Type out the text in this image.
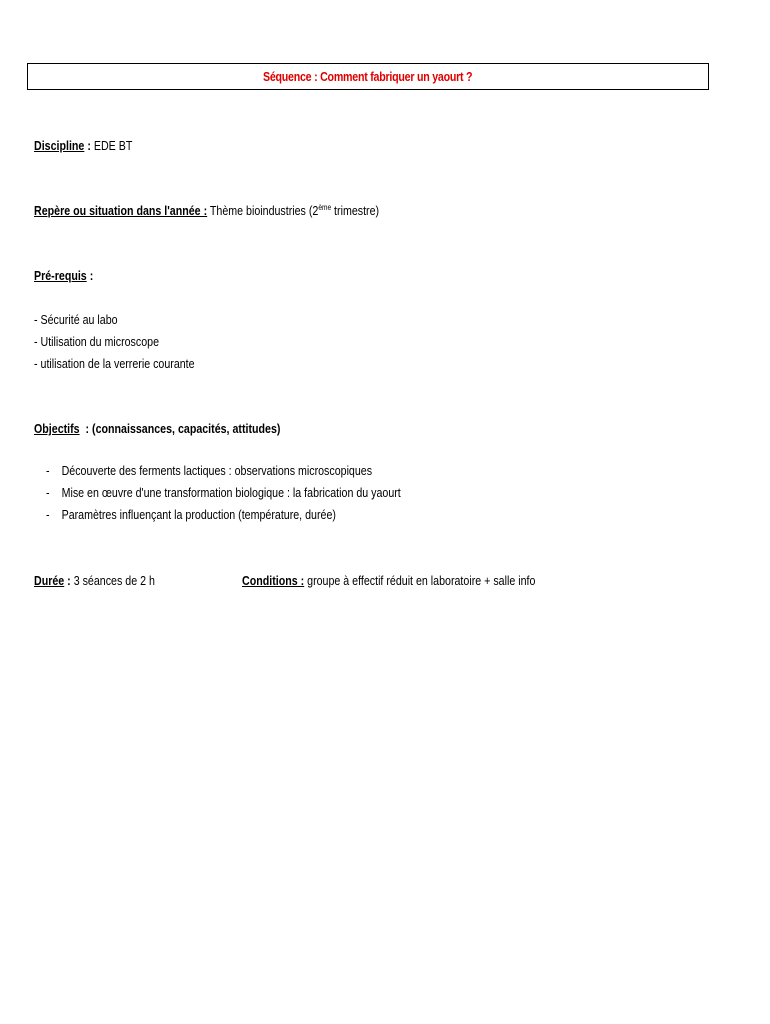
Séquence : Comment fabriquer un yaourt ?
Discipline : EDE BT
Repère ou situation dans l'année : Thème bioindustries (2ème trimestre)
Pré-requis :
- Sécurité au labo
- Utilisation du microscope
- utilisation de la verrerie courante
Objectifs  : (connaissances, capacités, attitudes)
- Découverte des ferments lactiques : observations microscopiques
- Mise en œuvre d'une transformation biologique : la fabrication du yaourt
- Paramètres influençant la production (température, durée)
Durée : 3 séances de 2 h	Conditions : groupe à effectif réduit en laboratoire + salle info
